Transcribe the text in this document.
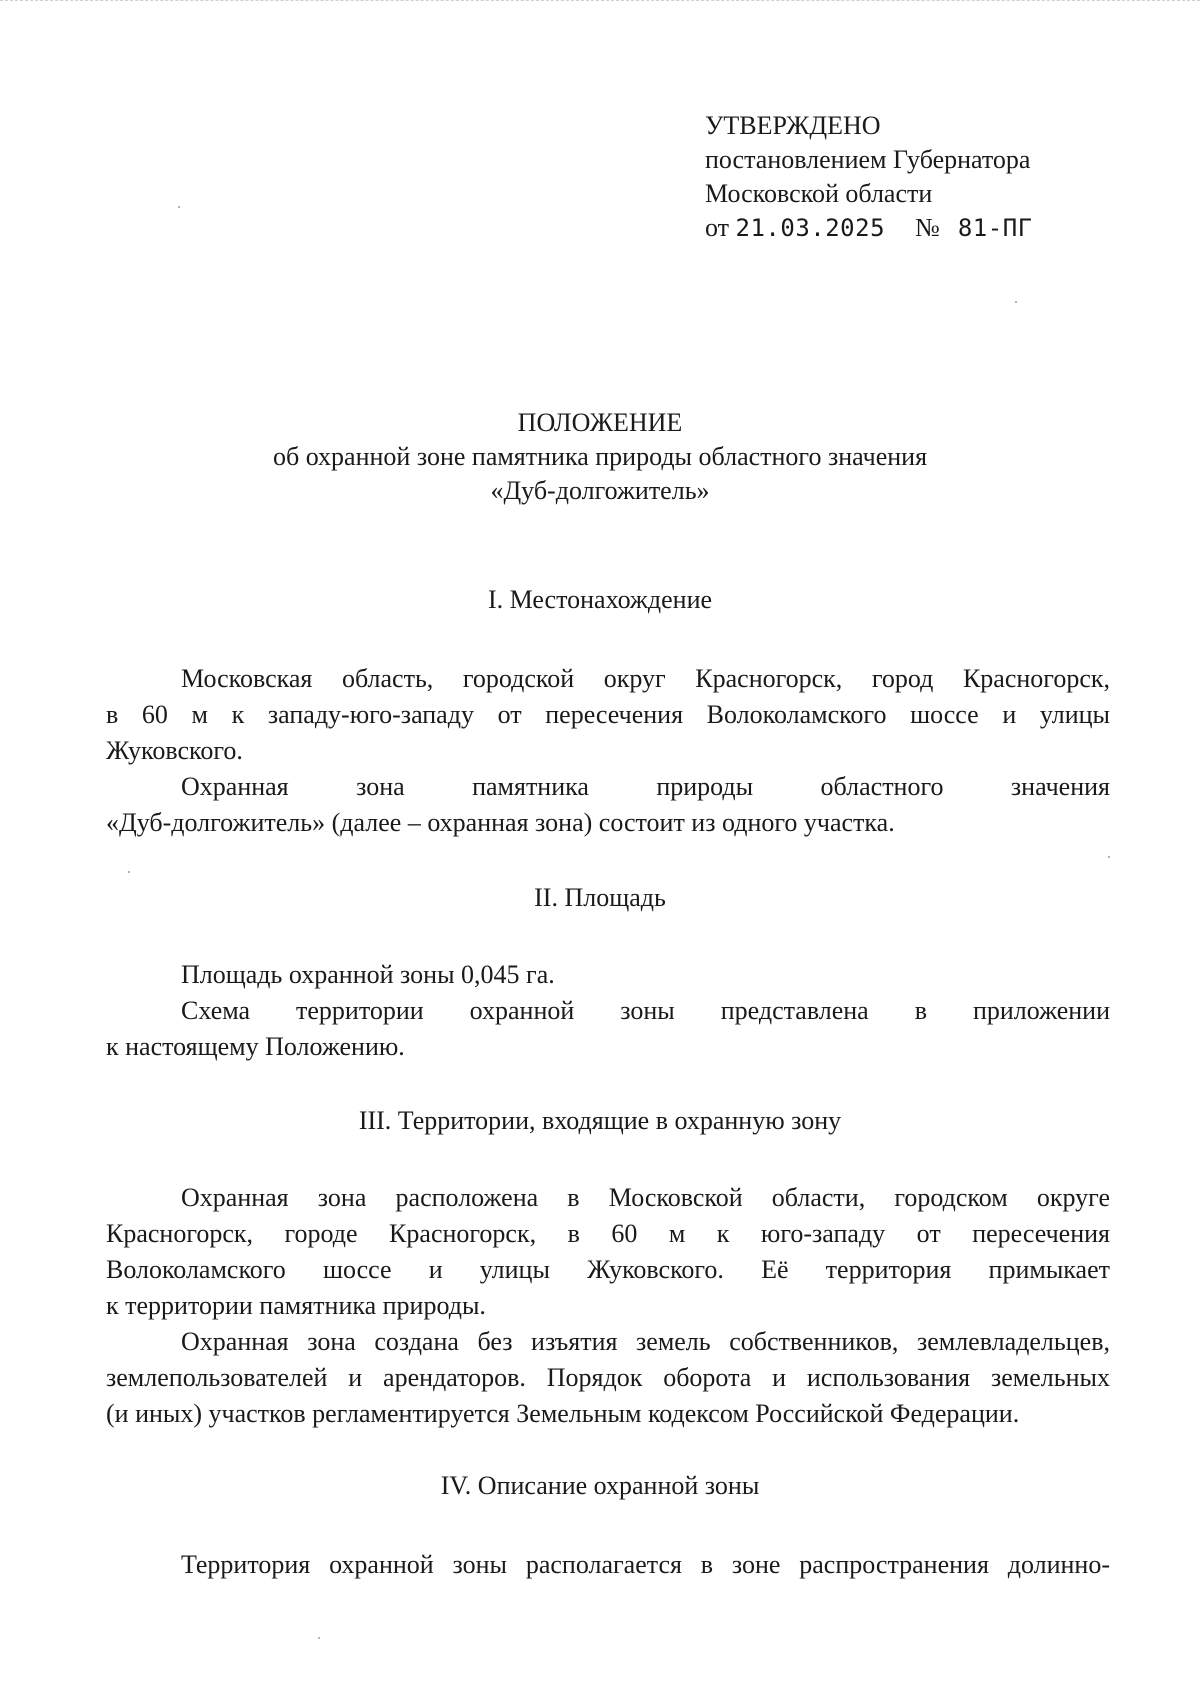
УТВЕРЖДЕНО
постановлением Губернатора
Московской области
от 21.03.2025 № 81-ПГ
ПОЛОЖЕНИЕ
об охранной зоне памятника природы областного значения
«Дуб-долгожитель»
I. Местонахождение
Московская область, городской округ Красногорск, город Красногорск,
в 60 м к западу-юго-западу от пересечения Волоколамского шоссе и улицы
Жуковского.
Охранная зона памятника природы областного значения
«Дуб-долгожитель» (далее – охранная зона) состоит из одного участка.
II. Площадь
Площадь охранной зоны 0,045 га.
Схема территории охранной зоны представлена в приложении
к настоящему Положению.
III. Территории, входящие в охранную зону
Охранная зона расположена в Московской области, городском округе
Красногорск, городе Красногорск, в 60 м к юго-западу от пересечения
Волоколамского шоссе и улицы Жуковского. Её территория примыкает
к территории памятника природы.
Охранная зона создана без изъятия земель собственников, землевладельцев,
землепользователей и арендаторов. Порядок оборота и использования земельных
(и иных) участков регламентируется Земельным кодексом Российской Федерации.
IV. Описание охранной зоны
Территория охранной зоны располагается в зоне распространения долинно-
